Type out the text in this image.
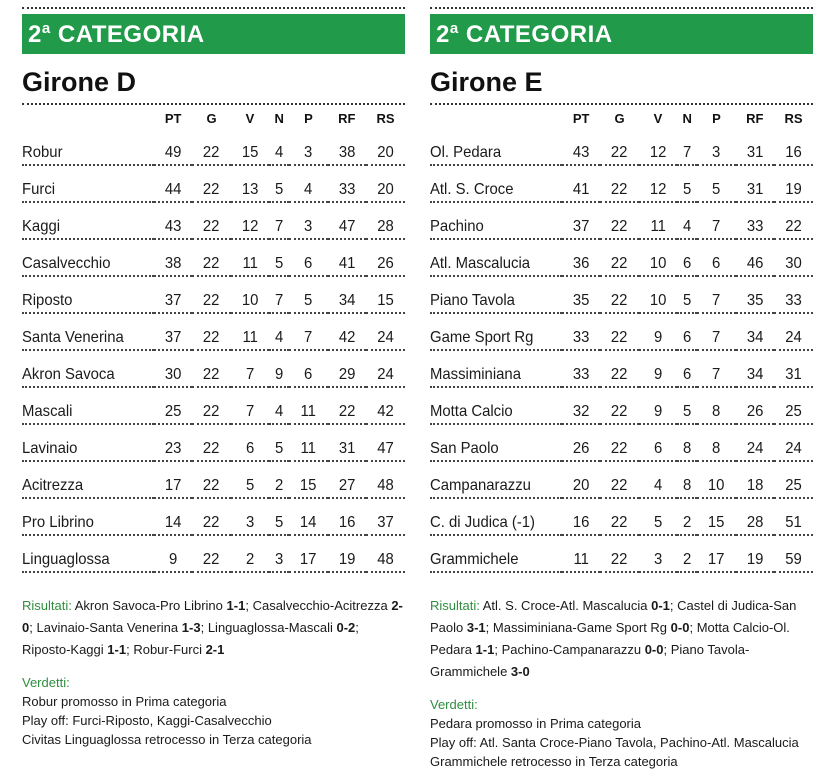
2$^a$ CATEGORIA
Girone D
	PT	G	V	N	P	RF	RS
Robur	49	22	15	4	3	38	20
Furci	44	22	13	5	4	33	20
Kaggi	43	22	12	7	3	47	28
Casalvecchio	38	22	11	5	6	41	26
Riposto	37	22	10	7	5	34	15
Santa Venerina	37	22	11	4	7	42	24
Akron Savoca	30	22	7	9	6	29	24
Mascali	25	22	7	4	11	22	42
Lavinaio	23	22	6	5	11	31	47
Acitrezza	17	22	5	2	15	27	48
Pro Librino	14	22	3	5	14	16	37
Linguaglossa	9	22	2	3	17	19	48
Risultati: Akron Savoca-Pro Librino 1-1; Casalvecchio-Acitrezza 2-0; Lavinaio-Santa Venerina 1-3; Linguaglossa-Mascali 0-2; Riposto-Kaggi 1-1; Robur-Furci 2-1
Verdetti:
Robur promosso in Prima categoria
Play off: Furci-Riposto, Kaggi-Casalvecchio
Civitas Linguaglossa retrocesso in Terza categoria
2$^a$ CATEGORIA
Girone E
	PT	G	V	N	P	RF	RS
Ol. Pedara	43	22	12	7	3	31	16
Atl. S. Croce	41	22	12	5	5	31	19
Pachino	37	22	11	4	7	33	22
Atl. Mascalucia	36	22	10	6	6	46	30
Piano Tavola	35	22	10	5	7	35	33
Game Sport Rg	33	22	9	6	7	34	24
Massiminiana	33	22	9	6	7	34	31
Motta Calcio	32	22	9	5	8	26	25
San Paolo	26	22	6	8	8	24	24
Campanarazzu	20	22	4	8	10	18	25
C. di Judica (-1)	16	22	5	2	15	28	51
Grammichele	11	22	3	2	17	19	59
Risultati: Atl. S. Croce-Atl. Mascalucia 0-1; Castel di Judica-San Paolo 3-1; Massiminiana-Game Sport Rg 0-0; Motta Calcio-Ol. Pedara 1-1; Pachino-Campanarazzu 0-0; Piano Tavola-Grammichele 3-0
Verdetti:
Pedara promosso in Prima categoria
Play off: Atl. Santa Croce-Piano Tavola, Pachino-Atl. Mascalucia
Grammichele retrocesso in Terza categoria
